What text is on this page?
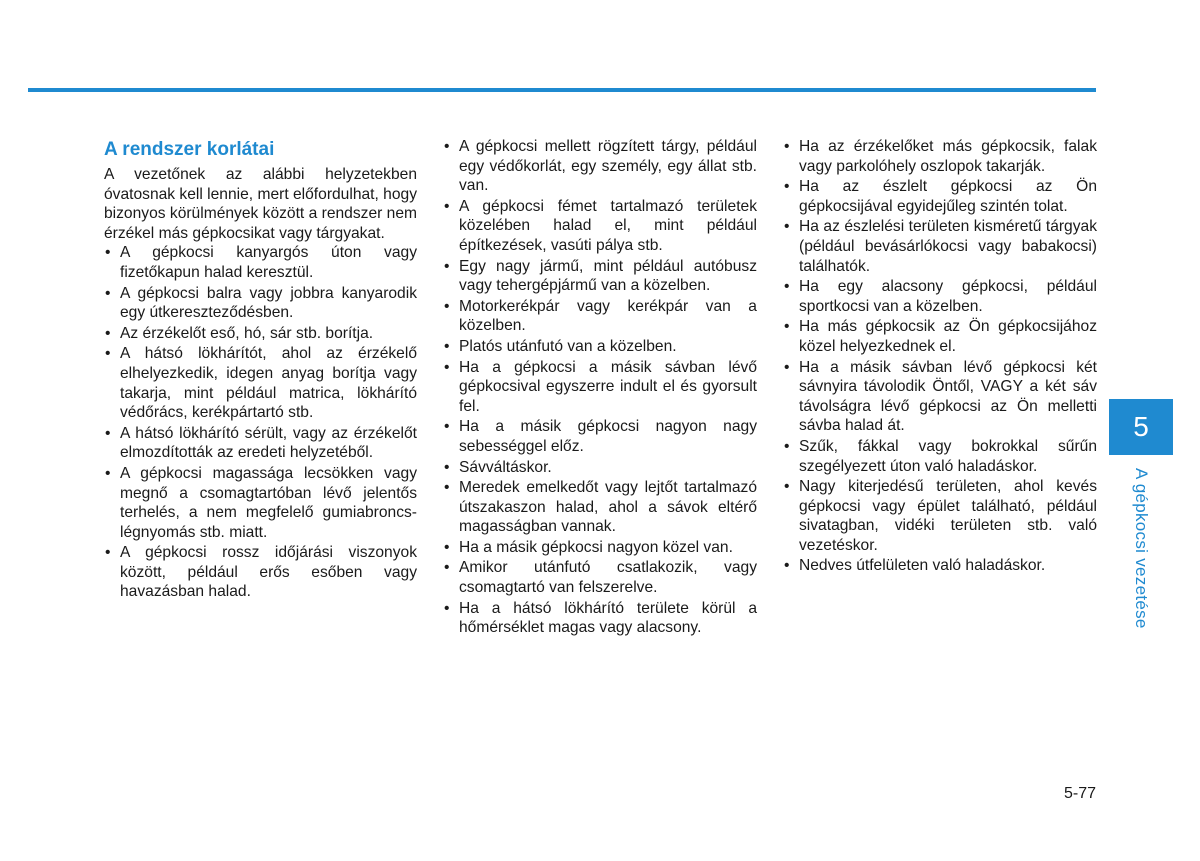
A rendszer korlátai

A vezetőnek az alábbi helyzetekben óvatosnak kell lennie, mert előfordulhat, hogy bizonyos körülmények között a rendszer nem érzékel más gépkocsikat vagy tárgyakat.

• A gépkocsi kanyargós úton vagy fizetőkapun halad keresztül.
• A gépkocsi balra vagy jobbra kanyarodik egy útkereszteződésben.
• Az érzékelőt eső, hó, sár stb. borítja.
• A hátsó lökhárítót, ahol az érzékelő elhelyezkedik, idegen anyag borítja vagy takarja, mint például matrica, lökhárító védőrács, kerékpártartó stb.
• A hátsó lökhárító sérült, vagy az érzékelőt elmozdították az eredeti helyzetéből.
• A gépkocsi magassága lecsökken vagy megnő a csomagtartóban lévő jelentős terhelés, a nem megfelelő gumiabroncs-légnyomás stb. miatt.
• A gépkocsi rossz időjárási viszonyok között, például erős esőben vagy havazásban halad.
• A gépkocsi mellett rögzített tárgy, például egy védőkorlát, egy személy, egy állat stb. van.
• A gépkocsi fémet tartalmazó területek közelében halad el, mint például építkezések, vasúti pálya stb.
• Egy nagy jármű, mint például autóbusz vagy tehergépjármű van a közelben.
• Motorkerékpár vagy kerékpár van a közelben.
• Platós utánfutó van a közelben.
• Ha a gépkocsi a másik sávban lévő gépkocsival egyszerre indult el és gyorsult fel.
• Ha a másik gépkocsi nagyon nagy sebességgel előz.
• Sávváltáskor.
• Meredek emelkedőt vagy lejtőt tartalmazó útszakaszon halad, ahol a sávok eltérő magasságban vannak.
• Ha a másik gépkocsi nagyon közel van.
• Amikor utánfutó csatlakozik, vagy csomagtartó van felszerelve.
• Ha a hátsó lökhárító területe körül a hőmérséklet magas vagy alacsony.
• Ha az érzékelőket más gépkocsik, falak vagy parkolóhely oszlopok takarják.
• Ha az észlelt gépkocsi az Ön gépkocsijával egyidejűleg szintén tolat.
• Ha az észlelési területen kisméretű tárgyak (például bevásárlókocsi vagy babakocsi) találhatók.
• Ha egy alacsony gépkocsi, például sportkocsi van a közelben.
• Ha más gépkocsik az Ön gépkocsijához közel helyezkednek el.
• Ha a másik sávban lévő gépkocsi két sávnyira távolodik Öntől, VAGY a két sáv távolságra lévő gépkocsi az Ön melletti sávba halad át.
• Szűk, fákkal vagy bokrokkal sűrűn szegélyezett úton való haladáskor.
• Nagy kiterjedésű területen, ahol kevés gépkocsi vagy épület található, például sivatagban, vidéki területen stb. való vezetéskor.
• Nedves útfelületen való haladáskor.
5
A gépkocsi vezetése
5-77
